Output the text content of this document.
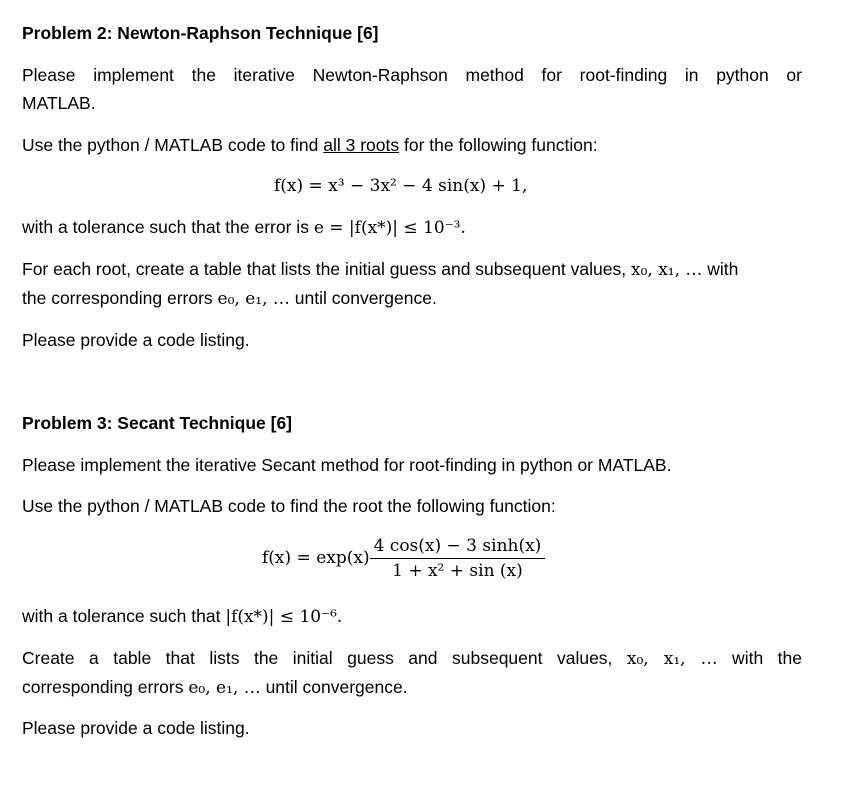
Problem 2: Newton-Raphson Technique [6]
Please implement the iterative Newton-Raphson method for root-finding in python or
MATLAB.
Use the python / MATLAB code to find all 3 roots for the following function:
f(x) = x³ − 3x² − 4 sin(x) + 1,
with a tolerance such that the error is e = |f(x*)| ≤ 10⁻³.
For each root, create a table that lists the initial guess and subsequent values, x₀, x₁, … with
the corresponding errors e₀, e₁, … until convergence.
Please provide a code listing.
Problem 3: Secant Technique [6]
Please implement the iterative Secant method for root-finding in python or MATLAB.
Use the python / MATLAB code to find the root the following function:
$f(x) = \exp(x) \frac{4 \cos(x) - 3 \sinh(x)}{\text{1 + x² + sin (x)}}$
with a tolerance such that |f(x*)| ≤ 10⁻⁶.
Create a table that lists the initial guess and subsequent values, x₀, x₁, … with the
corresponding errors e₀, e₁, … until convergence.
Please provide a code listing.
